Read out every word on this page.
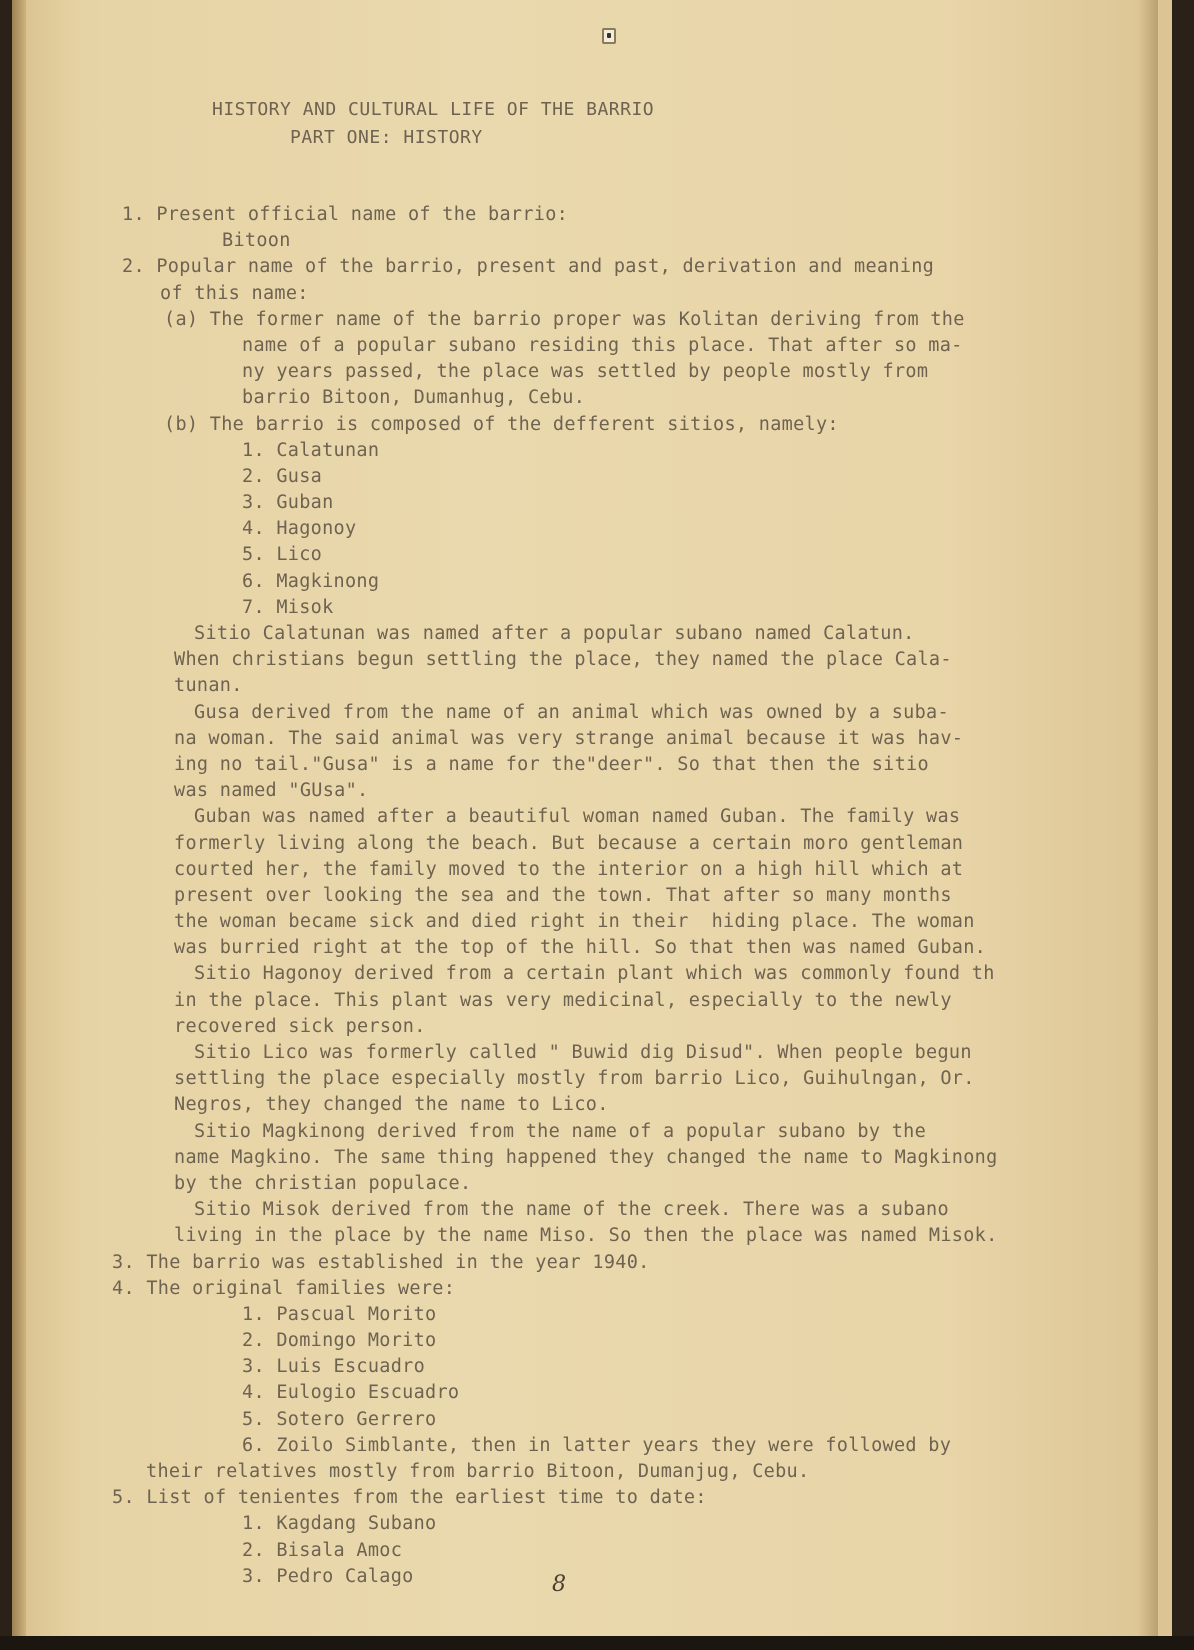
HISTORY AND CULTURAL LIFE OF THE BARRIO
PART ONE: HISTORY
1. Present official name of the barrio:
Bitoon
2. Popular name of the barrio, present and past, derivation and meaning
of this name:
(a) The former name of the barrio proper was Kolitan deriving from the
name of a popular subano residing this place. That after so ma-
ny years passed, the place was settled by people mostly from
barrio Bitoon, Dumanhug, Cebu.
(b) The barrio is composed of the defferent sitios, namely:
1. Calatunan
2. Gusa
3. Guban
4. Hagonoy
5. Lico
6. Magkinong
7. Misok
Sitio Calatunan was named after a popular subano named Calatun.
When christians begun settling the place, they named the place Cala-
tunan.
Gusa derived from the name of an animal which was owned by a suba-
na woman. The said animal was very strange animal because it was hav-
ing no tail."Gusa" is a name for the"deer". So that then the sitio
was named "GUsa".
Guban was named after a beautiful woman named Guban. The family was
formerly living along the beach. But because a certain moro gentleman
courted her, the family moved to the interior on a high hill which at
present over looking the sea and the town. That after so many months
the woman became sick and died right in their  hiding place. The woman
was burried right at the top of the hill. So that then was named Guban.
Sitio Hagonoy derived from a certain plant which was commonly found th
in the place. This plant was very medicinal, especially to the newly
recovered sick person.
Sitio Lico was formerly called " Buwid dig Disud". When people begun
settling the place especially mostly from barrio Lico, Guihulngan, Or.
Negros, they changed the name to Lico.
Sitio Magkinong derived from the name of a popular subano by the
name Magkino. The same thing happened they changed the name to Magkinong
by the christian populace.
Sitio Misok derived from the name of the creek. There was a subano
living in the place by the name Miso. So then the place was named Misok.
3. The barrio was established in the year 1940.
4. The original families were:
1. Pascual Morito
2. Domingo Morito
3. Luis Escuadro
4. Eulogio Escuadro
5. Sotero Gerrero
6. Zoilo Simblante, then in latter years they were followed by
their relatives mostly from barrio Bitoon, Dumanjug, Cebu.
5. List of tenientes from the earliest time to date:
1. Kagdang Subano
2. Bisala Amoc
3. Pedro Calago	8
